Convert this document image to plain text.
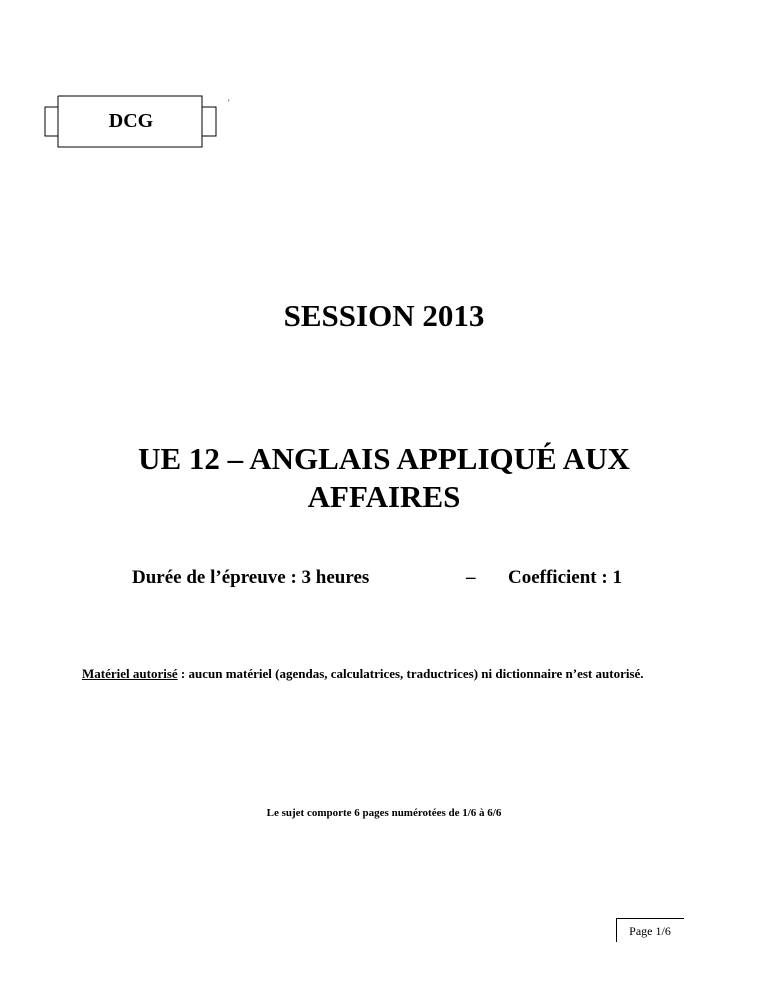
DCG
'
SESSION 2013
UE 12 – ANGLAIS APPLIQUÉ AUX AFFAIRES
Durée de l’épreuve : 3 heures	– Coefficient : 1
Matériel autorisé : aucun matériel (agendas, calculatrices, traductrices) ni dictionnaire n’est autorisé.
Le sujet comporte 6 pages numérotées de 1/6 à 6/6
Page 1/6
